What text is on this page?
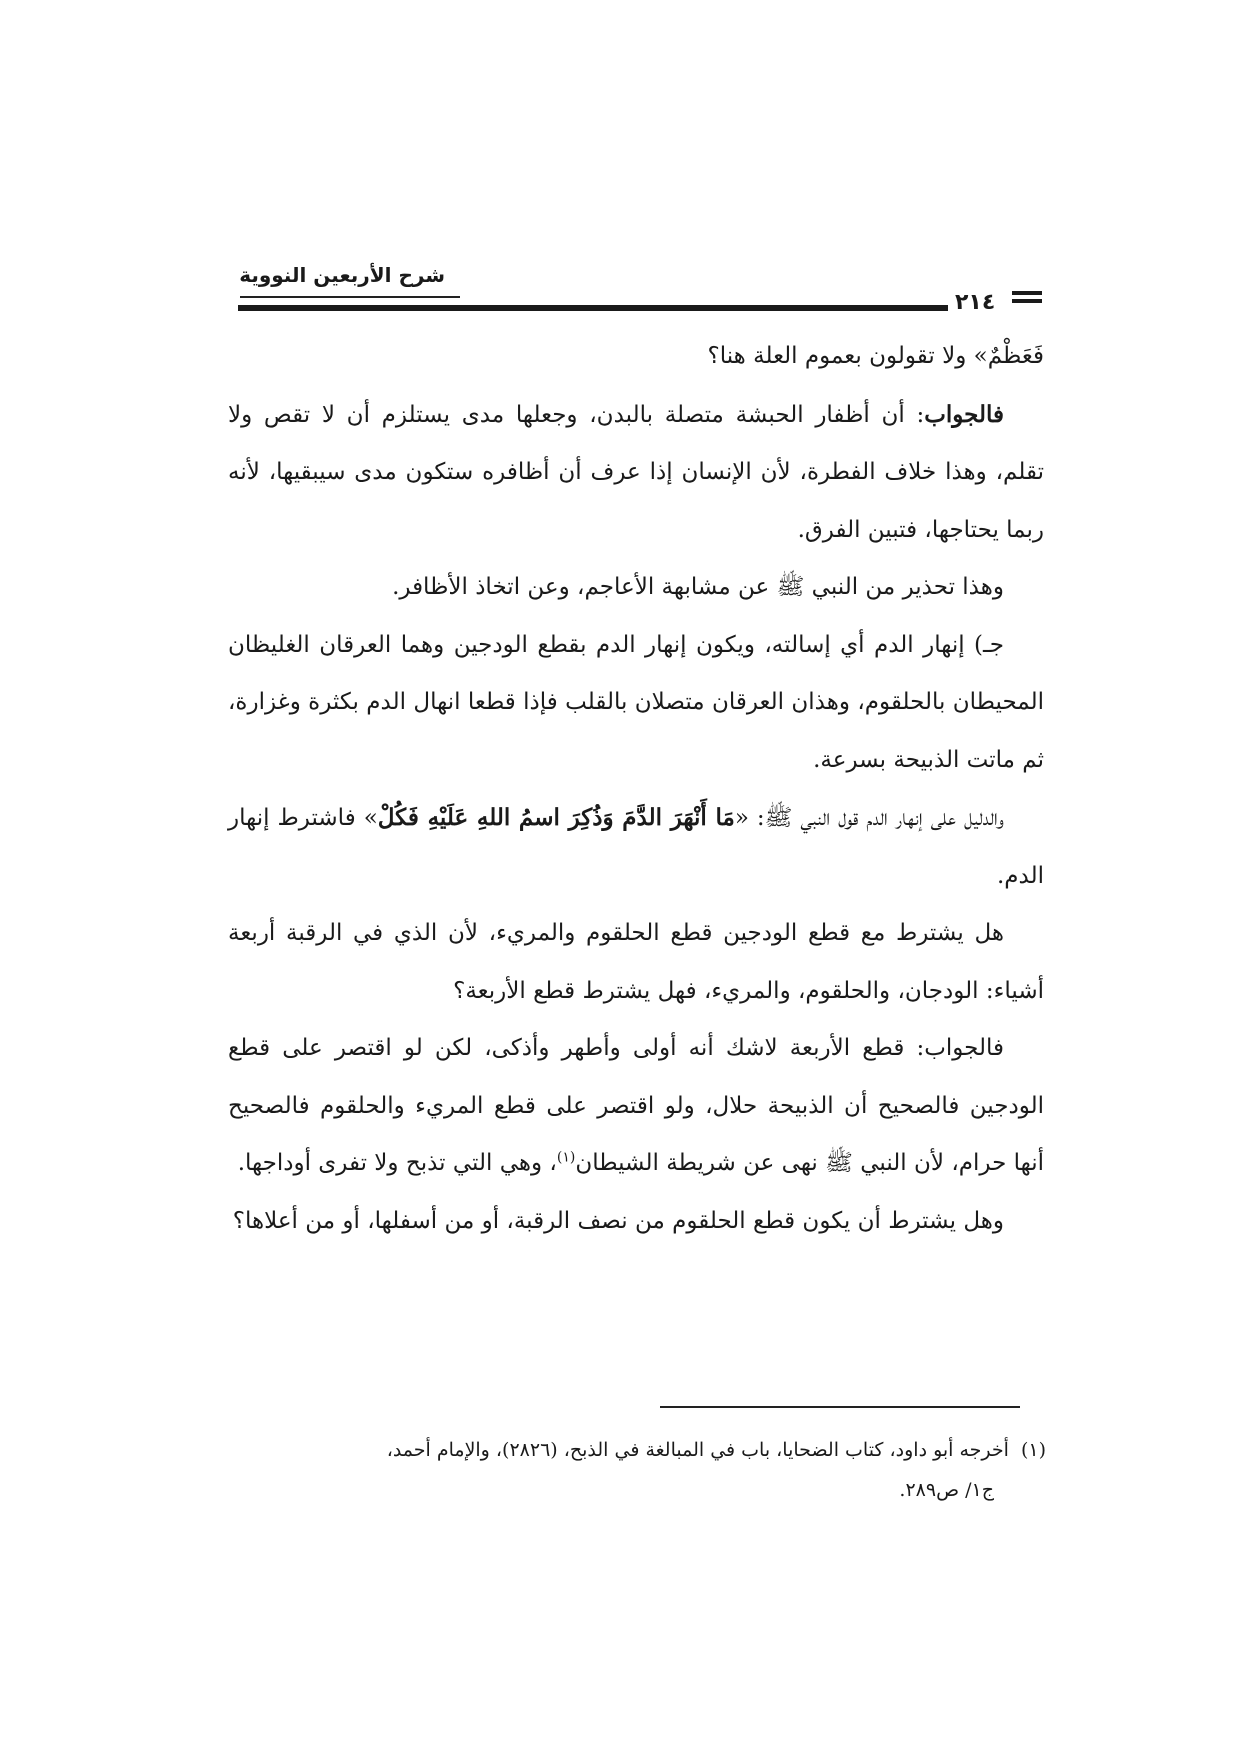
شرح الأربعين النووية
٢١٤

فَعَظْمٌ» ولا تقولون بعموم العلة هنا؟

فالجواب: أن أظفار الحبشة متصلة بالبدن، وجعلها مدى يستلزم أن لا تقص ولا تقلم، وهذا خلاف الفطرة، لأن الإنسان إذا عرف أن أظافره ستكون مدى سيبقيها، لأنه ربما يحتاجها، فتبين الفرق.

وهذا تحذير من النبي ﷺ عن مشابهة الأعاجم، وعن اتخاذ الأظافر.

جـ) إنهار الدم أي إسالته، ويكون إنهار الدم بقطع الودجين وهما العرقان الغليظان المحيطان بالحلقوم، وهذان العرقان متصلان بالقلب فإذا قطعا انهال الدم بكثرة وغزارة، ثم ماتت الذبيحة بسرعة.

والدليل على إنهار الدم قول النبي ﷺ: «مَا أَنْهَرَ الدَّمَ وَذُكِرَ اسمُ اللهِ عَلَيْهِ فَكُلْ» فاشترط إنهار الدم.

هل يشترط مع قطع الودجين قطع الحلقوم والمريء، لأن الذي في الرقبة أربعة أشياء: الودجان، والحلقوم، والمريء، فهل يشترط قطع الأربعة؟

فالجواب: قطع الأربعة لاشك أنه أولى وأطهر وأذكى، لكن لو اقتصر على قطع الودجين فالصحيح أن الذبيحة حلال، ولو اقتصر على قطع المريء والحلقوم فالصحيح أنها حرام، لأن النبي ﷺ نهى عن شريطة الشيطان$^{(١)}$، وهي التي تذبح ولا تفرى أوداجها.

وهل يشترط أن يكون قطع الحلقوم من نصف الرقبة، أو من أسفلها، أو من أعلاها؟

(١)أخرجه أبو داود، كتاب الضحايا، باب في المبالغة في الذبح، (٢٨٢٦)، والإمام أحمد،

ج١/ ص٢٨٩.
